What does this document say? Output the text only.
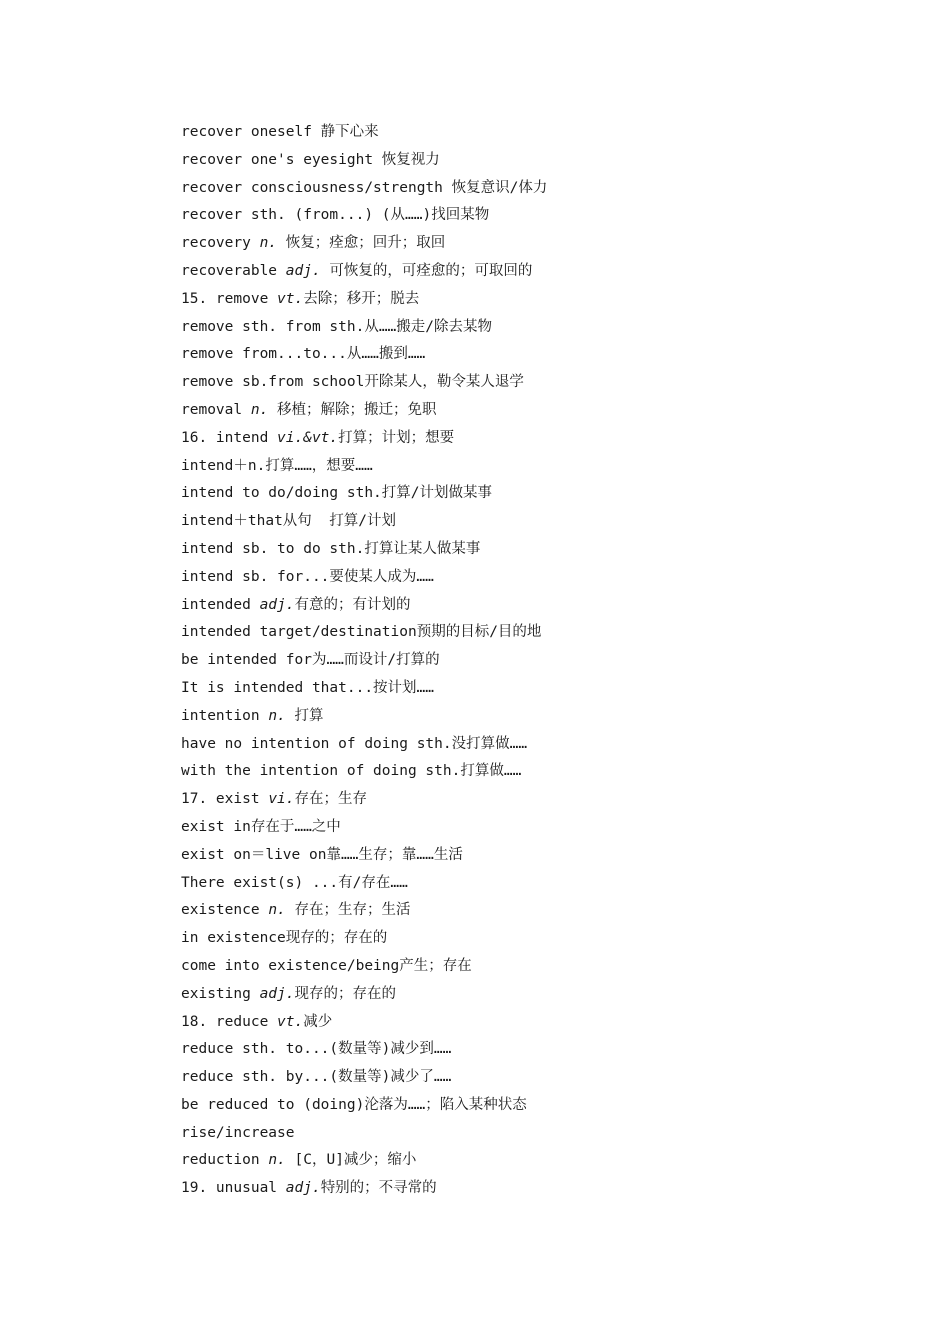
recover oneself 静下心来
recover one's eyesight 恢复视力
recover consciousness/strength 恢复意识/体力
recover sth. (from...) (从……)找回某物
recovery n. 恢复；痊愈；回升；取回
recoverable adj. 可恢复的，可痊愈的；可取回的
15. remove vt.去除；移开；脱去
remove sth. from sth.从……搬走/除去某物
remove from...to...从……搬到……
remove sb.from school开除某人，勒令某人退学
removal n. 移植；解除；搬迁；免职
16. intend vi.&vt.打算；计划；想要
intend＋n.打算……，想要……
intend to do/doing sth.打算/计划做某事
intend＋that从句  打算/计划
intend sb. to do sth.打算让某人做某事
intend sb. for...要使某人成为……
intended adj.有意的；有计划的
intended target/destination预期的目标/目的地
be intended for为……而设计/打算的
It is intended that...按计划……
intention n. 打算
have no intention of doing sth.没打算做……
with the intention of doing sth.打算做……
17. exist vi.存在；生存
exist in存在于……之中
exist on＝live on靠……生存；靠……生活
There exist(s) ...有/存在……
existence n. 存在；生存；生活
in existence现存的；存在的
come into existence/being产生；存在
existing adj.现存的；存在的
18. reduce vt.减少
reduce sth. to...(数量等)减少到……
reduce sth. by...(数量等)减少了……
be reduced to (doing)沦落为……；陷入某种状态
rise/increase
reduction n. [C，U]减少；缩小
19. unusual adj.特别的；不寻常的
